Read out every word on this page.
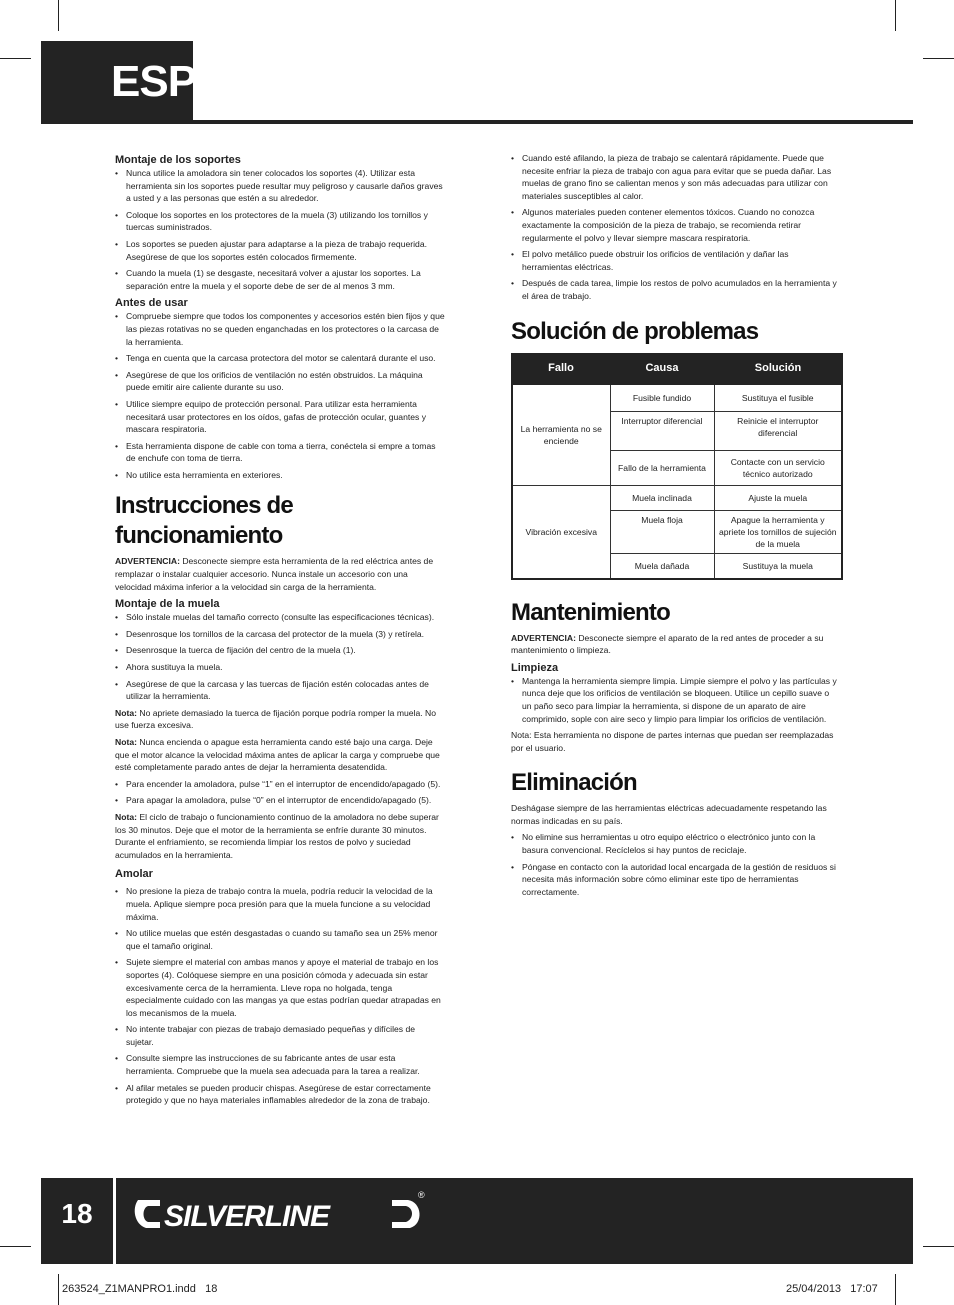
ESP
Montaje de los soportes
• Nunca utilice la amoladora sin tener colocados los soportes (4). Utilizar esta herramienta sin los soportes puede resultar muy peligroso y causarle daños graves a usted y a las personas que estén a su alrededor.
• Coloque los soportes en los protectores de la muela (3) utilizando los tornillos y tuercas suministrados.
• Los soportes se pueden ajustar para adaptarse a la pieza de trabajo requerida. Asegúrese de que los soportes estén colocados firmemente.
• Cuando la muela (1) se desgaste, necesitará volver a ajustar los soportes. La separación entre la muela y el soporte debe de ser de al menos 3 mm.
Antes de usar
• Compruebe siempre que todos los componentes y accesorios estén bien fijos y que las piezas rotativas no se queden enganchadas en los protectores o la carcasa de la herramienta.
• Tenga en cuenta que la carcasa protectora del motor se calentará durante el uso.
• Asegúrese de que los orificios de ventilación no estén obstruidos. La máquina puede emitir aire caliente durante su uso.
• Utilice siempre equipo de protección personal. Para utilizar esta herramienta necesitará usar protectores en los oídos, gafas de protección ocular, guantes y mascara respiratoria.
• Esta herramienta dispone de cable con toma a tierra, conéctela si empre a tomas de enchufe con toma de tierra.
• No utilice esta herramienta en exteriores.
Instrucciones de funcionamiento

ADVERTENCIA: Desconecte siempre esta herramienta de la red eléctrica antes de remplazar o instalar cualquier accesorio. Nunca instale un accesorio con una velocidad máxima inferior a la velocidad sin carga de la herramienta.

Montaje de la muela
• Sólo instale muelas del tamaño correcto (consulte las especificaciones técnicas).
• Desenrosque los tornillos de la carcasa del protector de la muela (3) y retírela.
• Desenrosque la tuerca de fijación del centro de la muela (1).
• Ahora sustituya la muela.
• Asegúrese de que la carcasa y las tuercas de fijación estén colocadas antes de utilizar la herramienta.

Nota: No apriete demasiado la tuerca de fijación porque podría romper la muela. No use fuerza excesiva.

Nota: Nunca encienda o apague esta herramienta cando esté bajo una carga. Deje que el motor alcance la velocidad máxima antes de aplicar la carga y compruebe que esté completamente parado antes de dejar la herramienta desatendida.

• Para encender la amoladora, pulse “1” en el interruptor de encendido/apagado (5).
• Para apagar la amoladora, pulse “0” en el interruptor de encendido/apagado (5).

Nota: El ciclo de trabajo o funcionamiento continuo de la amoladora no debe superar los 30 minutos. Deje que el motor de la herramienta se enfríe durante 30 minutos. Durante el enfriamiento, se recomienda limpiar los restos de polvo y suciedad acumulados en la herramienta.

Amolar
• No presione la pieza de trabajo contra la muela, podría reducir la velocidad de la muela. Aplique siempre poca presión para que la muela funcione a su velocidad máxima.
• No utilice muelas que estén desgastadas o cuando su tamaño sea un 25% menor que el tamaño original.
• Sujete siempre el material con ambas manos y apoye el material de trabajo en los soportes (4). Colóquese siempre en una posición cómoda y adecuada sin estar excesivamente cerca de la herramienta. Lleve ropa no holgada, tenga especialmente cuidado con las mangas ya que estas podrían quedar atrapadas en los mecanismos de la muela.
• No intente trabajar con piezas de trabajo demasiado pequeñas y difíciles de sujetar.
• Consulte siempre las instrucciones de su fabricante antes de usar esta herramienta. Compruebe que la muela sea adecuada para la tarea a realizar.
• Al afilar metales se pueden producir chispas. Asegúrese de estar correctamente protegido y que no haya materiales inflamables alrededor de la zona de trabajo.
• Cuando esté afilando, la pieza de trabajo se calentará rápidamente. Puede que necesite enfriar la pieza de trabajo con agua para evitar que se pueda dañar. Las muelas de grano fino se calientan menos y son más adecuadas para utilizar con materiales susceptibles al calor.
• Algunos materiales pueden contener elementos tóxicos. Cuando no conozca exactamente la composición de la pieza de trabajo, se recomienda retirar regularmente el polvo y llevar siempre mascara respiratoria.
• El polvo metálico puede obstruir los orificios de ventilación y dañar las herramientas eléctricas.
• Después de cada tarea, limpie los restos de polvo acumulados en la herramienta y el área de trabajo.
Solución de problemas
Fallo	Causa	Solución
La herramienta no se enciende	Fusible fundido	Sustituya el fusible
	Interruptor diferencial	Reinicie el interruptor diferencial
	Fallo de la herramienta	Contacte con un servicio técnico autorizado
Vibración excesiva	Muela inclinada	Ajuste la muela
	Muela floja	Apague la herramienta y apriete los tornillos de sujeción de la muela
	Muela dañada	Sustituya la muela
Mantenimiento

ADVERTENCIA: Desconecte siempre el aparato de la red antes de proceder a su mantenimiento o limpieza.

Limpieza
• Mantenga la herramienta siempre limpia. Limpie siempre el polvo y las partículas y nunca deje que los orificios de ventilación se bloqueen. Utilice un cepillo suave o un paño seco para limpiar la herramienta, si dispone de un aparato de aire comprimido, sople con aire seco y limpio para limpiar los orificios de ventilación.

Nota: Esta herramienta no dispone de partes internas que puedan ser reemplazadas por el usuario.

Eliminación

Deshágase siempre de las herramientas eléctricas adecuadamente respetando las normas indicadas en su país.

• No elimine sus herramientas u otro equipo eléctrico o electrónico junto con la basura convencional. Recíclelos si hay puntos de reciclaje.
• Póngase en contacto con la autoridad local encargada de la gestión de residuos si necesita más información sobre cómo eliminar este tipo de herramientas correctamente.
18	SILVERLINE
®
263524_Z1MANPRO1.indd   18	25/04/2013   17:07
